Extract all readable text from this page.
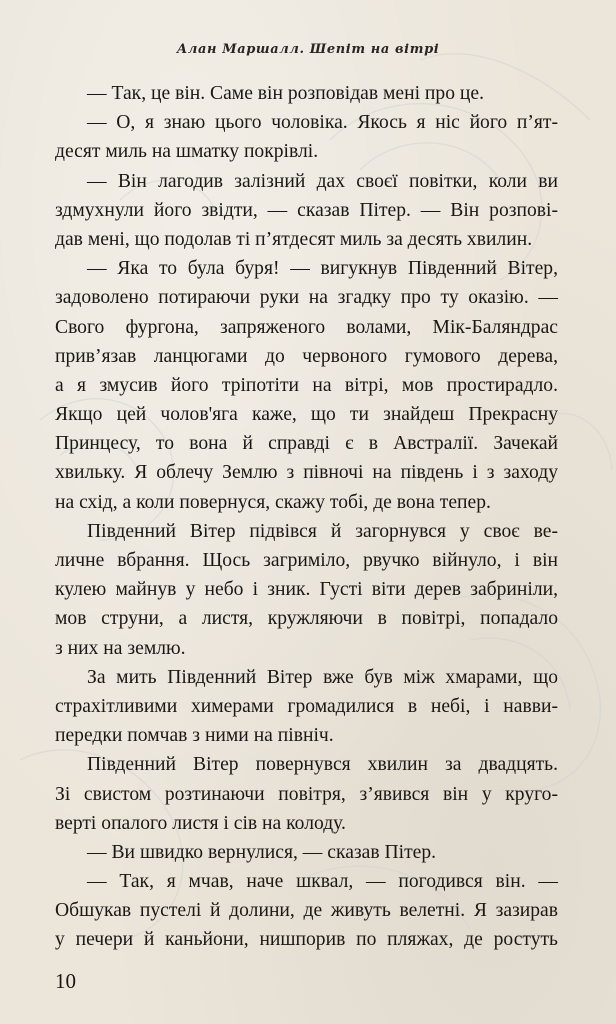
Алан Маршалл. Шепіт на вітрі
— Так, це він. Саме він розповідав мені про це.
— О, я знаю цього чоловіка. Якось я ніс його п’ят-
десят миль на шматку покрівлі.
— Він лагодив залізний дах своєї повітки, коли ви
здмухнули його звідти, — сказав Пітер. — Він розпові-
дав мені, що подолав ті п’ятдесят миль за десять хвилин.
— Яка то була буря! — вигукнув Південний Вітер,
задоволено потираючи руки на згадку про ту оказію. —
Свого фургона, запряженого волами, Мік-Баляндрас
прив’язав ланцюгами до червоного гумового дерева,
а я змусив його тріпотіти на вітрі, мов простирадло.
Якщо цей чолов'яга каже, що ти знайдеш Прекрасну
Принцесу, то вона й справді є в Австралії. Зачекай
хвильку. Я облечу Землю з півночі на південь і з заходу
на схід, а коли повернуся, скажу тобі, де вона тепер.
Південний Вітер підвівся й загорнувся у своє ве-
личне вбрання. Щось загриміло, рвучко війнуло, і він
кулею майнув у небо і зник. Густі віти дерев забриніли,
мов струни, а листя, кружляючи в повітрі, попадало
з них на землю.
За мить Південний Вітер вже був між хмарами, що
страхітливими химерами громадилися в небі, і навви-
передки помчав з ними на північ.
Південний Вітер повернувся хвилин за двадцять.
Зі свистом розтинаючи повітря, з’явився він у круго-
верті опалого листя і сів на колоду.
— Ви швидко вернулися, — сказав Пітер.
— Так, я мчав, наче шквал, — погодився він. —
Обшукав пустелі й долини, де живуть велетні. Я зазирав
у печери й каньйони, нишпорив по пляжах, де ростуть
10
